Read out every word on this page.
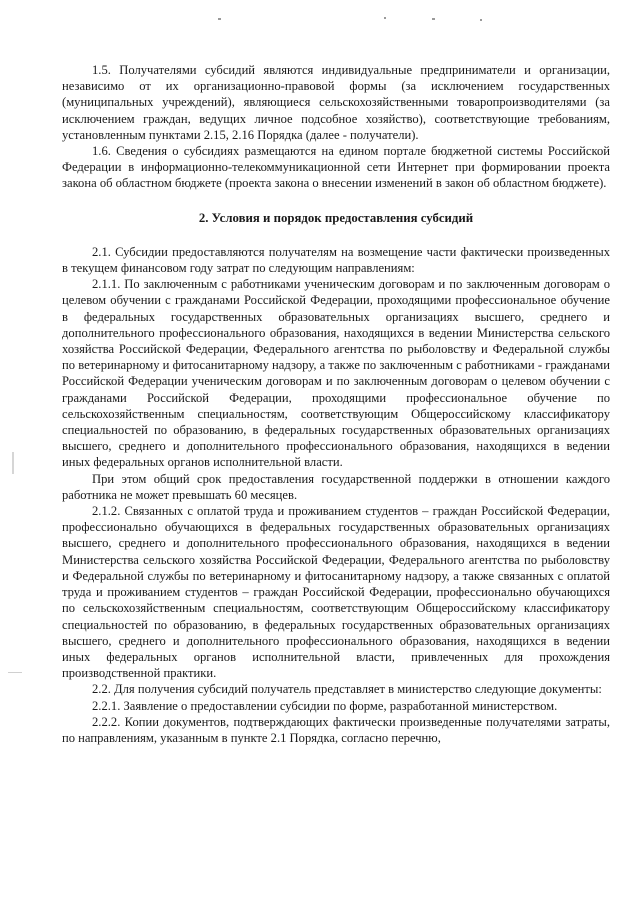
1.5. Получателями субсидий являются индивидуальные предприниматели и организации, независимо от их организационно-правовой формы (за исключением государственных (муниципальных учреждений), являющиеся сельскохозяйственными товаропроизводителями (за исключением граждан, ведущих личное подсобное хозяйство), соответствующие требованиям, установленным пунктами 2.15, 2.16 Порядка (далее - получатели).

1.6. Сведения о субсидиях размещаются на едином портале бюджетной системы Российской Федерации в информационно-телекоммуникационной сети Интернет при формировании проекта закона об областном бюджете (проекта закона о внесении изменений в закон об областном бюджете).

2. Условия и порядок предоставления субсидий

2.1. Субсидии предоставляются получателям на возмещение части фактически произведенных в текущем финансовом году затрат по следующим направлениям:

2.1.1. По заключенным с работниками ученическим договорам и по заключенным договорам о целевом обучении с гражданами Российской Федерации, проходящими профессиональное обучение в федеральных государственных образовательных организациях высшего, среднего и дополнительного профессионального образования, находящихся в ведении Министерства сельского хозяйства Российской Федерации, Федерального агентства по рыболовству и Федеральной службы по ветеринарному и фитосанитарному надзору, а также по заключенным с работниками - гражданами Российской Федерации ученическим договорам и по заключенным договорам о целевом обучении с гражданами Российской Федерации, проходящими профессиональное обучение по сельскохозяйственным специальностям, соответствующим Общероссийскому классификатору специальностей по образованию, в федеральных государственных образовательных организациях высшего, среднего и дополнительного профессионального образования, находящихся в ведении иных федеральных органов исполнительной власти.

При этом общий срок предоставления государственной поддержки в отношении каждого работника не может превышать 60 месяцев.

2.1.2. Связанных с оплатой труда и проживанием студентов – граждан Российской Федерации, профессионально обучающихся в федеральных государственных образовательных организациях высшего, среднего и дополнительного профессионального образования, находящихся в ведении Министерства сельского хозяйства Российской Федерации, Федерального агентства по рыболовству и Федеральной службы по ветеринарному и фитосанитарному надзору, а также связанных с оплатой труда и проживанием студентов – граждан Российской Федерации, профессионально обучающихся по сельскохозяйственным специальностям, соответствующим Общероссийскому классификатору специальностей по образованию, в федеральных государственных образовательных организациях высшего, среднего и дополнительного профессионального образования, находящихся в ведении иных федеральных органов исполнительной власти, привлеченных для прохождения производственной практики.

2.2. Для получения субсидий получатель представляет в министерство следующие документы:

2.2.1. Заявление о предоставлении субсидии по форме, разработанной министерством.

2.2.2. Копии документов, подтверждающих фактически произведенные получателями затраты, по направлениям, указанным в пункте 2.1 Порядка, согласно перечню,
